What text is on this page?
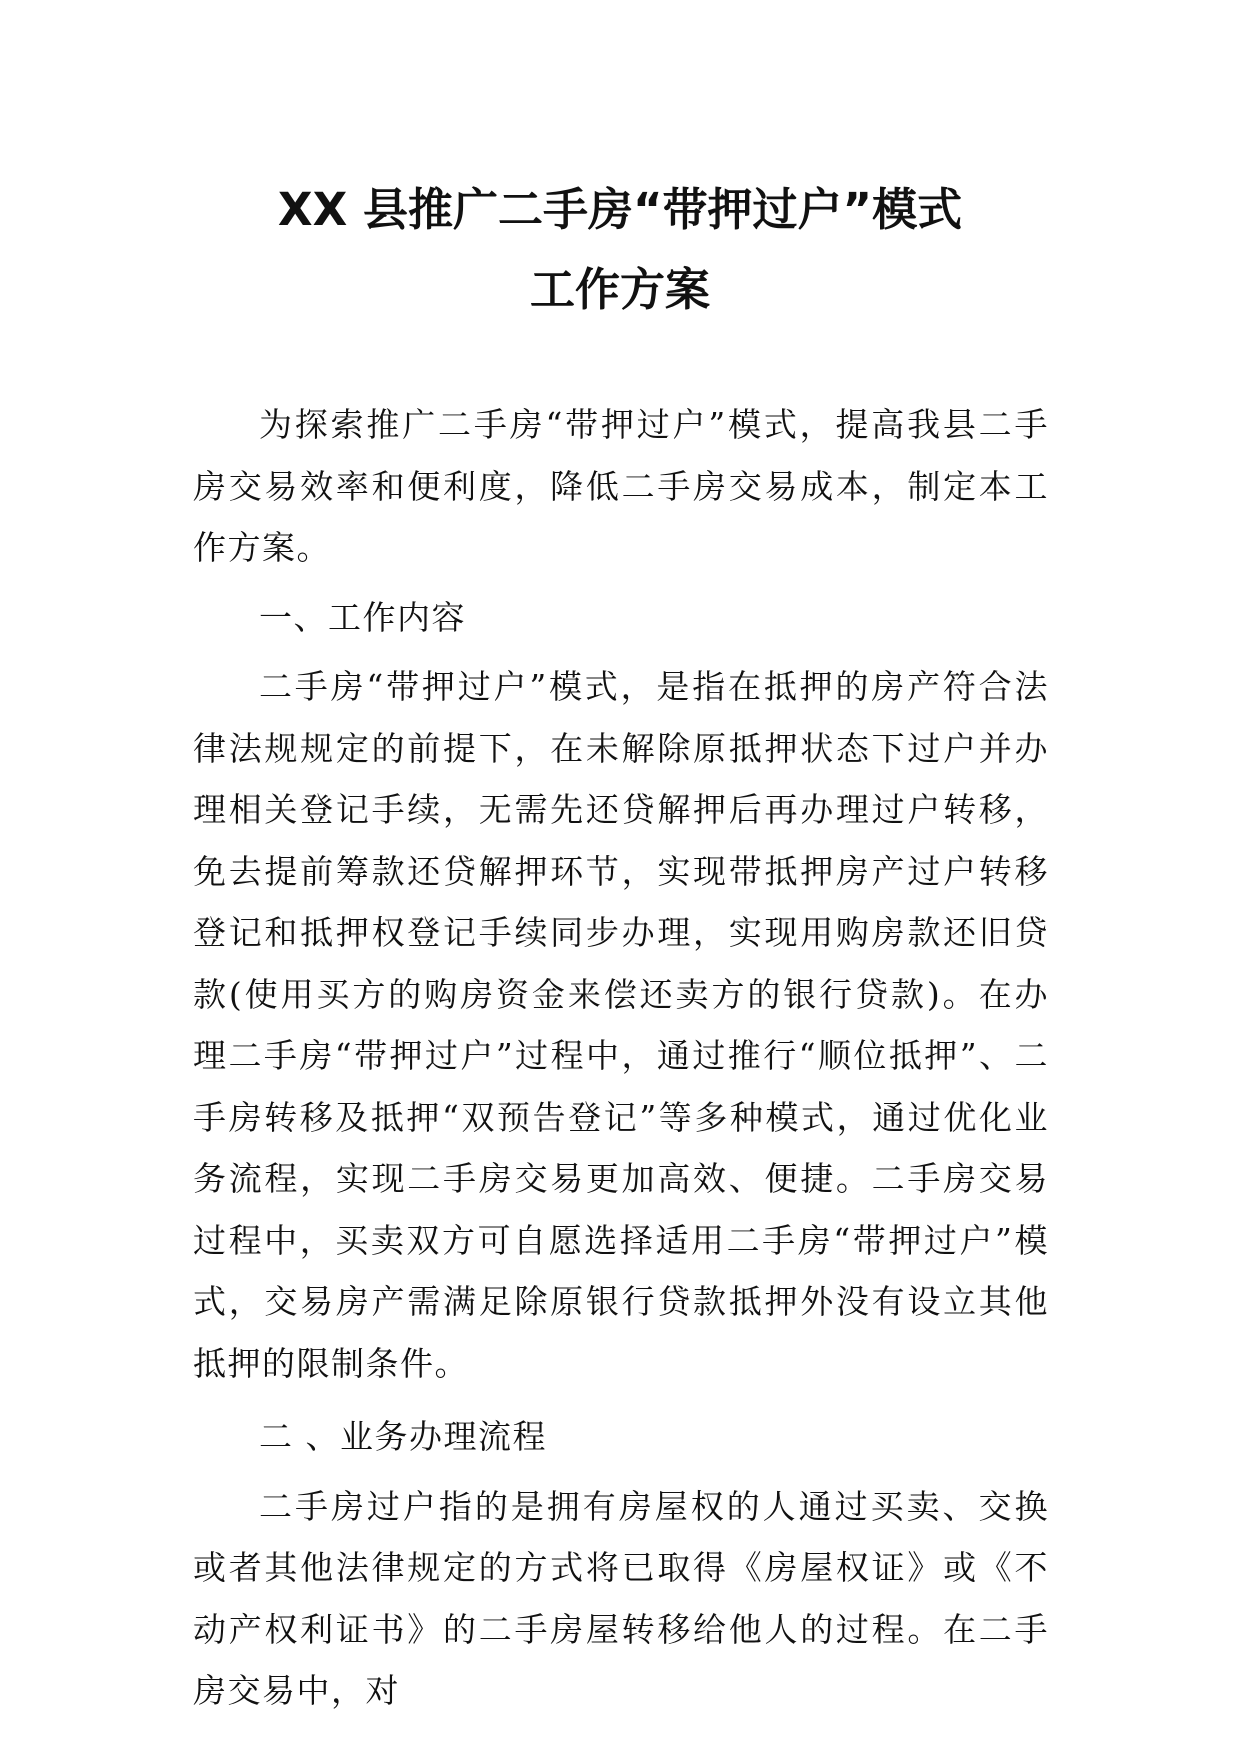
XX 县推广二手房“带押过户”模式
工作方案

为探索推广二手房“带押过户”模式，提高我县二手房交易效率和便利度，降低二手房交易成本，制定本工作方案。

一、工作内容

二手房“带押过户”模式，是指在抵押的房产符合法律法规规定的前提下，在未解除原抵押状态下过户并办理相关登记手续，无需先还贷解押后再办理过户转移，免去提前筹款还贷解押环节，实现带抵押房产过户转移登记和抵押权登记手续同步办理，实现用购房款还旧贷款(使用买方的购房资金来偿还卖方的银行贷款)。在办理二手房“带押过户”过程中，通过推行“顺位抵押”、二手房转移及抵押“双预告登记”等多种模式，通过优化业务流程，实现二手房交易更加高效、便捷。二手房交易过程中，买卖双方可自愿选择适用二手房“带押过户”模式，交易房产需满足除原银行贷款抵押外没有设立其他抵押的限制条件。

二 、业务办理流程

二手房过户指的是拥有房屋权的人通过买卖、交换或者其他法律规定的方式将已取得《房屋权证》或《不动产权利证书》的二手房屋转移给他人的过程。在二手房交易中，对
